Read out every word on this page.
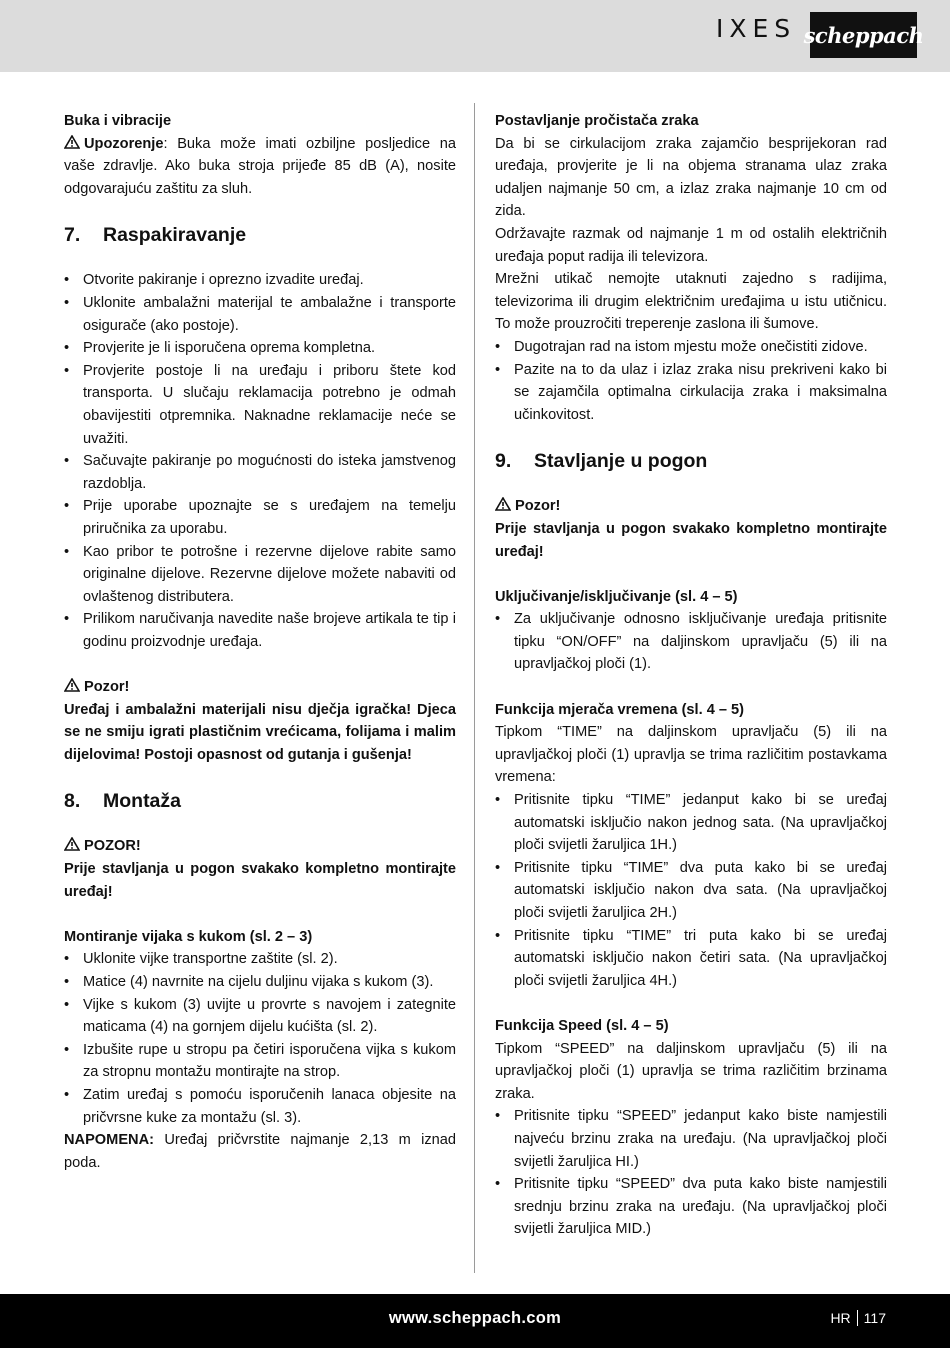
IXES scheppach

Buka i vibracije

Upozorenje: Buka može imati ozbiljne posljedice na vaše zdravlje. Ako buka stroja prijeđe 85 dB (A), nosite odgovarajuću zaštitu za sluh.

7. Raspakiravanje
• Otvorite pakiranje i oprezno izvadite uređaj.
• Uklonite ambalažni materijal te ambalažne i transporte osigurače (ako postoje).
• Provjerite je li isporučena oprema kompletna.
• Provjerite postoje li na uređaju i priboru štete kod transporta. U slučaju reklamacija potrebno je odmah obavijestiti otpremnika. Naknadne reklamacije neće se uvažiti.
• Sačuvajte pakiranje po mogućnosti do isteka jamstvenog razdoblja.
• Prije uporabe upoznajte se s uređajem na temelju priručnika za uporabu.
• Kao pribor te potrošne i rezervne dijelove rabite samo originalne dijelove. Rezervne dijelove možete nabaviti od ovlaštenog distributera.
• Prilikom naručivanja navedite naše brojeve artikala te tip i godinu proizvodnje uređaja.

Pozor!

Uređaj i ambalažni materijali nisu dječja igračka! Djeca se ne smiju igrati plastičnim vrećicama, folijama i malim dijelovima! Postoji opasnost od gutanja i gušenja!

8. Montaža

POZOR!

Prije stavljanja u pogon svakako kompletno montirajte uređaj!

Montiranje vijaka s kukom (sl. 2 – 3)

• Uklonite vijke transportne zaštite (sl. 2).
• Matice (4) navrnite na cijelu duljinu vijaka s kukom (3).
• Vijke s kukom (3) uvijte u provrte s navojem i zategnite maticama (4) na gornjem dijelu kućišta (sl. 2).
• Izbušite rupe u stropu pa četiri isporučena vijka s kukom za stropnu montažu montirajte na strop.
• Zatim uređaj s pomoću isporučenih lanaca objesite na pričvrsne kuke za montažu (sl. 3).

NAPOMENA: Uređaj pričvrstite najmanje 2,13 m iznad poda.

Postavljanje pročistača zraka

Da bi se cirkulacijom zraka zajamčio besprijekoran rad uređaja, provjerite je li na objema stranama ulaz zraka udaljen najmanje 50 cm, a izlaz zraka najmanje 10 cm od zida.

Održavajte razmak od najmanje 1 m od ostalih električnih uređaja poput radija ili televizora.

Mrežni utikač nemojte utaknuti zajedno s radijima, televizorima ili drugim električnim uređajima u istu utičnicu. To može prouzročiti treperenje zaslona ili šumove.

• Dugotrajan rad na istom mjestu može onečistiti zidove.
• Pazite na to da ulaz i izlaz zraka nisu prekriveni kako bi se zajamčila optimalna cirkulacija zraka i maksimalna učinkovitost.
9. Stavljanje u pogon

Pozor!

Prije stavljanja u pogon svakako kompletno montirajte uređaj!

Uključivanje/isključivanje (sl. 4 – 5)

• Za uključivanje odnosno isključivanje uređaja pritisnite tipku “ON/OFF” na daljinskom upravljaču (5) ili na upravljačkoj ploči (1).

Funkcija mjerača vremena (sl. 4 – 5)

Tipkom “TIME” na daljinskom upravljaču (5) ili na upravljačkoj ploči (1) upravlja se trima različitim postavkama vremena:

• Pritisnite tipku “TIME” jedanput kako bi se uređaj automatski isključio nakon jednog sata. (Na upravljačkoj ploči svijetli žaruljica 1H.)
• Pritisnite tipku “TIME” dva puta kako bi se uređaj automatski isključio nakon dva sata. (Na upravljačkoj ploči svijetli žaruljica 2H.)
• Pritisnite tipku “TIME” tri puta kako bi se uređaj automatski isključio nakon četiri sata. (Na upravljačkoj ploči svijetli žaruljica 4H.)

Funkcija Speed (sl. 4 – 5)

Tipkom “SPEED” na daljinskom upravljaču (5) ili na upravljačkoj ploči (1) upravlja se trima različitim brzinama zraka.

• Pritisnite tipku “SPEED” jedanput kako biste namjestili najveću brzinu zraka na uređaju. (Na upravljačkoj ploči svijetli žaruljica HI.)
• Pritisnite tipku “SPEED” dva puta kako biste namjestili srednju brzinu zraka na uređaju. (Na upravljačkoj ploči svijetli žaruljica MID.)
www.scheppach.com	HR 117
